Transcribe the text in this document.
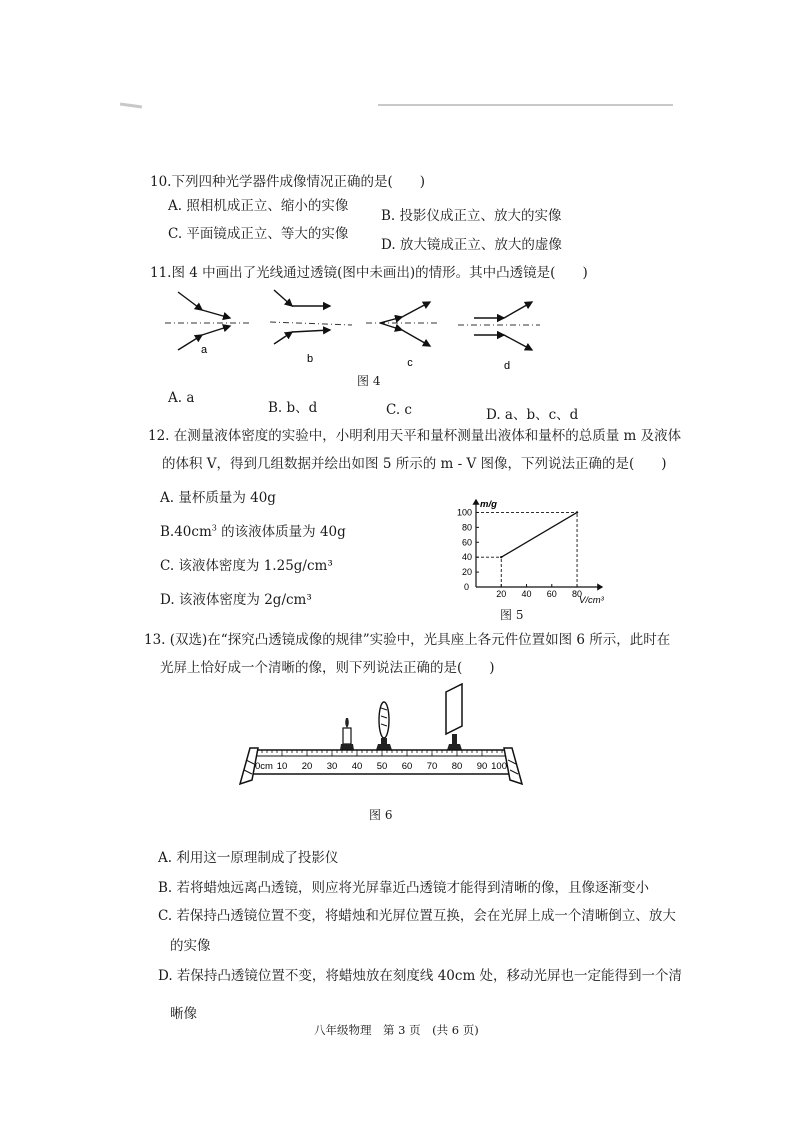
10.下列四种光学器件成像情况正确的是(　　)
A. 照相机成正立、缩小的实像
B. 投影仪成正立、放大的实像
C. 平面镜成正立、等大的实像
D. 放大镜成正立、放大的虚像
11.图 4 中画出了光线通过透镜(图中未画出)的情形。其中凸透镜是(　　)
a
b	c	d
图 4
A. a
B. b、d	C. c	D. a、b、c、d
12. 在测量液体密度的实验中，小明利用天平和量杯测量出液体和量杯的总质量 m 及液体
的体积 V，得到几组数据并绘出如图 5 所示的 m - V 图像，下列说法正确的是(　　)
A. 量杯质量为 40g
$B.40cm^3$ 的该液体质量为 40g
C. 该液体密度为 1.25g/cm³
D. 该液体密度为 2g/cm³
m/g
V/cm³
0
20 40 60 80
20
40
60
80
100
图 5
13. (双选)在“探究凸透镜成像的规律”实验中，光具座上各元件位置如图 6 所示，此时在
光屏上恰好成一个清晰的像，则下列说法正确的是(　　)
0cm 10 20 30 40 50 60 70 80 90 100
图 6
A. 利用这一原理制成了投影仪
B. 若将蜡烛远离凸透镜，则应将光屏靠近凸透镜才能得到清晰的像，且像逐渐变小
C. 若保持凸透镜位置不变，将蜡烛和光屏位置互换，会在光屏上成一个清晰倒立、放大
的实像
D. 若保持凸透镜位置不变，将蜡烛放在刻度线 40cm 处，移动光屏也一定能得到一个清
晰像
八年级物理　第 3 页　(共 6 页)
